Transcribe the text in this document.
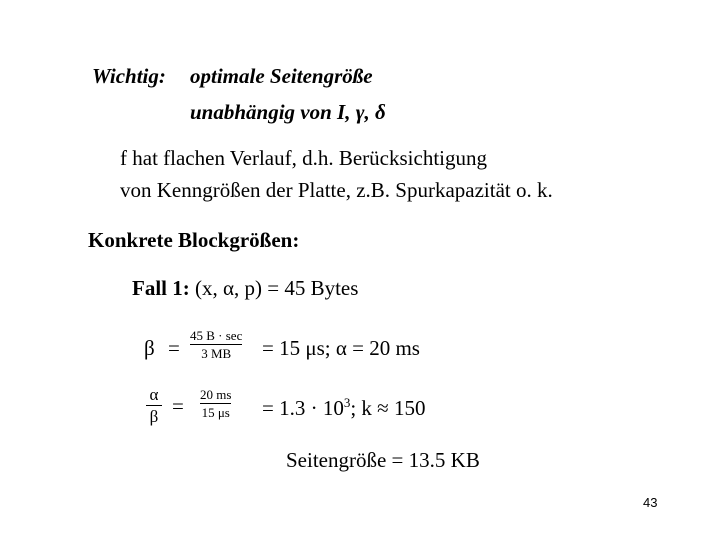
Wichtig: optimale Seitengröße
unabhängig von I, γ, δ
f hat flachen Verlauf, d.h. Berücksichtigung
von Kenngrößen der Platte, z.B. Spurkapazität o. k.
Konkrete Blockgrößen:
Fall 1: (x, α, p) = 45 Bytes
β =
45 B · sec
3 MB = 15 μs; α = 20 ms
α
β = 20 ms
15 $\mu s = 1.3 \cdot 10^3$; k ≈ 150
Seitengröße = 13.5 KB
43
